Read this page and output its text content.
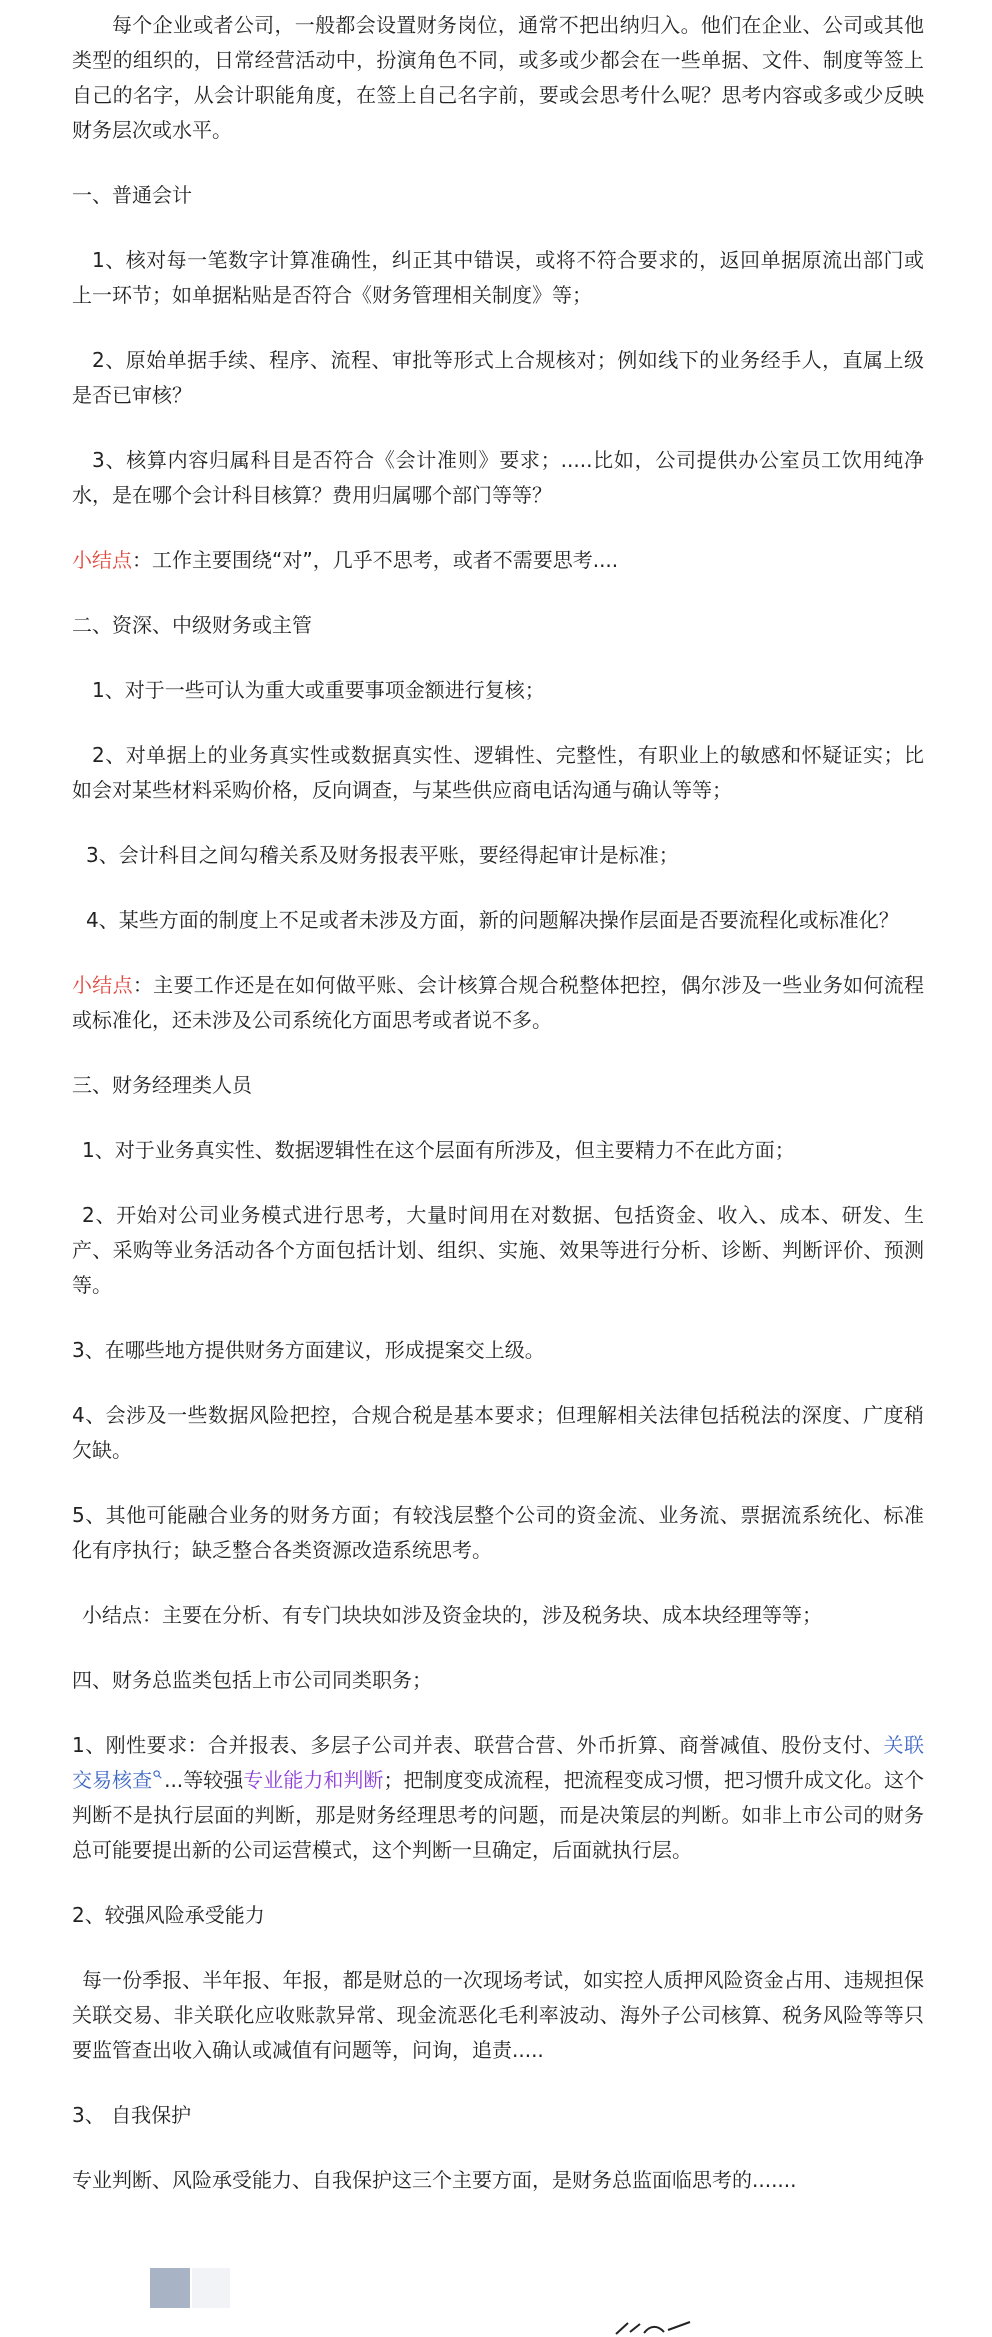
每个企业或者公司，一般都会设置财务岗位，通常不把出纳归入。他们在企业、公司或其他类型的组织的，日常经营活动中，扮演角色不同，或多或少都会在一些单据、文件、制度等签上自己的名字，从会计职能角度，在签上自己名字前，要或会思考什么呢？思考内容或多或少反映财务层次或水平。

一、普通会计

1、核对每一笔数字计算准确性，纠正其中错误，或将不符合要求的，返回单据原流出部门或上一环节；如单据粘贴是否符合《财务管理相关制度》等；

2、原始单据手续、程序、流程、审批等形式上合规核对；例如线下的业务经手人，直属上级是否已审核？

3、核算内容归属科目是否符合《会计准则》要求；.....比如，公司提供办公室员工饮用纯净水，是在哪个会计科目核算？费用归属哪个部门等等？

小结点：工作主要围绕“对”，几乎不思考，或者不需要思考....

二、资深、中级财务或主管

1、对于一些可认为重大或重要事项金额进行复核；

2、对单据上的业务真实性或数据真实性、逻辑性、完整性，有职业上的敏感和怀疑证实；比如会对某些材料采购价格，反向调查，与某些供应商电话沟通与确认等等；

3、会计科目之间勾稽关系及财务报表平账，要经得起审计是标准；

4、某些方面的制度上不足或者未涉及方面，新的问题解决操作层面是否要流程化或标准化？

小结点：主要工作还是在如何做平账、会计核算合规合税整体把控，偶尔涉及一些业务如何流程或标准化，还未涉及公司系统化方面思考或者说不多。

三、财务经理类人员

1、对于业务真实性、数据逻辑性在这个层面有所涉及，但主要精力不在此方面；

2、开始对公司业务模式进行思考，大量时间用在对数据、包括资金、收入、成本、研发、生产、采购等业务活动各个方面包括计划、组织、实施、效果等进行分析、诊断、判断评价、预测等。

3、在哪些地方提供财务方面建议，形成提案交上级。

4、会涉及一些数据风险把控，合规合税是基本要求；但理解相关法律包括税法的深度、广度稍欠缺。

5、其他可能融合业务的财务方面；有较浅层整个公司的资金流、业务流、票据流系统化、标准化有序执行；缺乏整合各类资源改造系统思考。

小结点：主要在分析、有专门块块如涉及资金块的，涉及税务块、成本块经理等等；

四、财务总监类包括上市公司同类职务；

1、刚性要求：合并报表、多层子公司并表、联营合营、外币折算、商誉减值、股份支付、关联交易核查 ...等较强专业能力和判断；把制度变成流程，把流程变成习惯，把习惯升成文化。这个判断不是执行层面的判断，那是财务经理思考的问题，而是决策层的判断。如非上市公司的财务总可能要提出新的公司运营模式，这个判断一旦确定，后面就执行层。

2、较强风险承受能力

每一份季报、半年报、年报，都是财总的一次现场考试，如实控人质押风险资金占用、违规担保关联交易、非关联化应收账款异常、现金流恶化毛利率波动、海外子公司核算、税务风险等等只要监管查出收入确认或减值有问题等，问询，追责.....

3、 自我保护

专业判断、风险承受能力、自我保护这三个主要方面，是财务总监面临思考的.......
